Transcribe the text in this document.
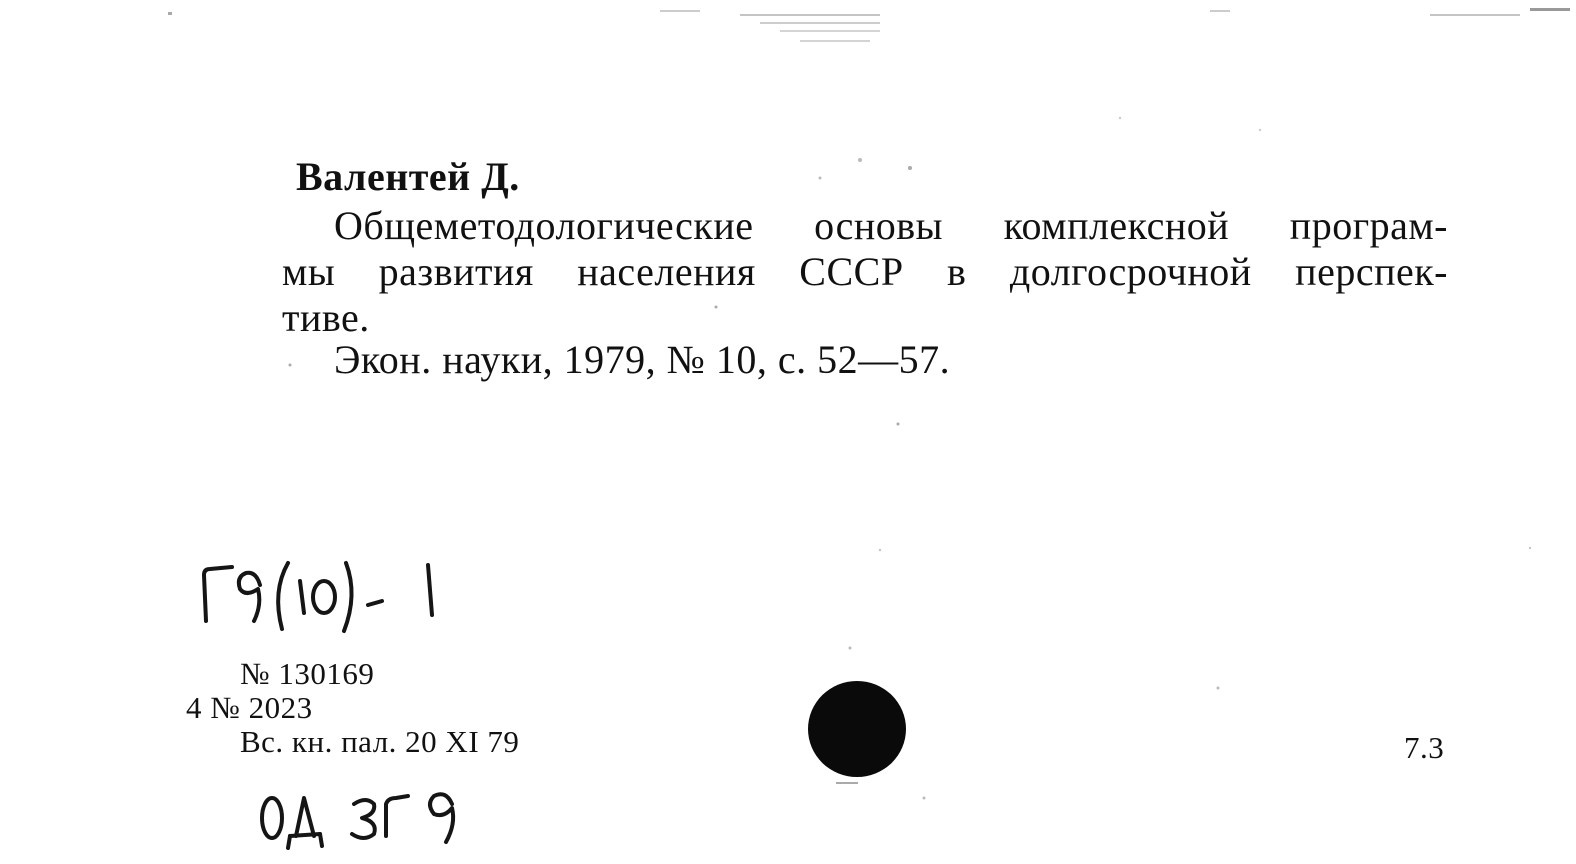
Валентей Д.
Общеметодологические основы комплексной програм-
мы развития населения СССР в долгосрочной перспек-
тиве.
Экон. науки, 1979, № 10, с. 52—57.
№ 130169
4 № 2023
Вс. кн. пал. 20 XI 79	7.3
